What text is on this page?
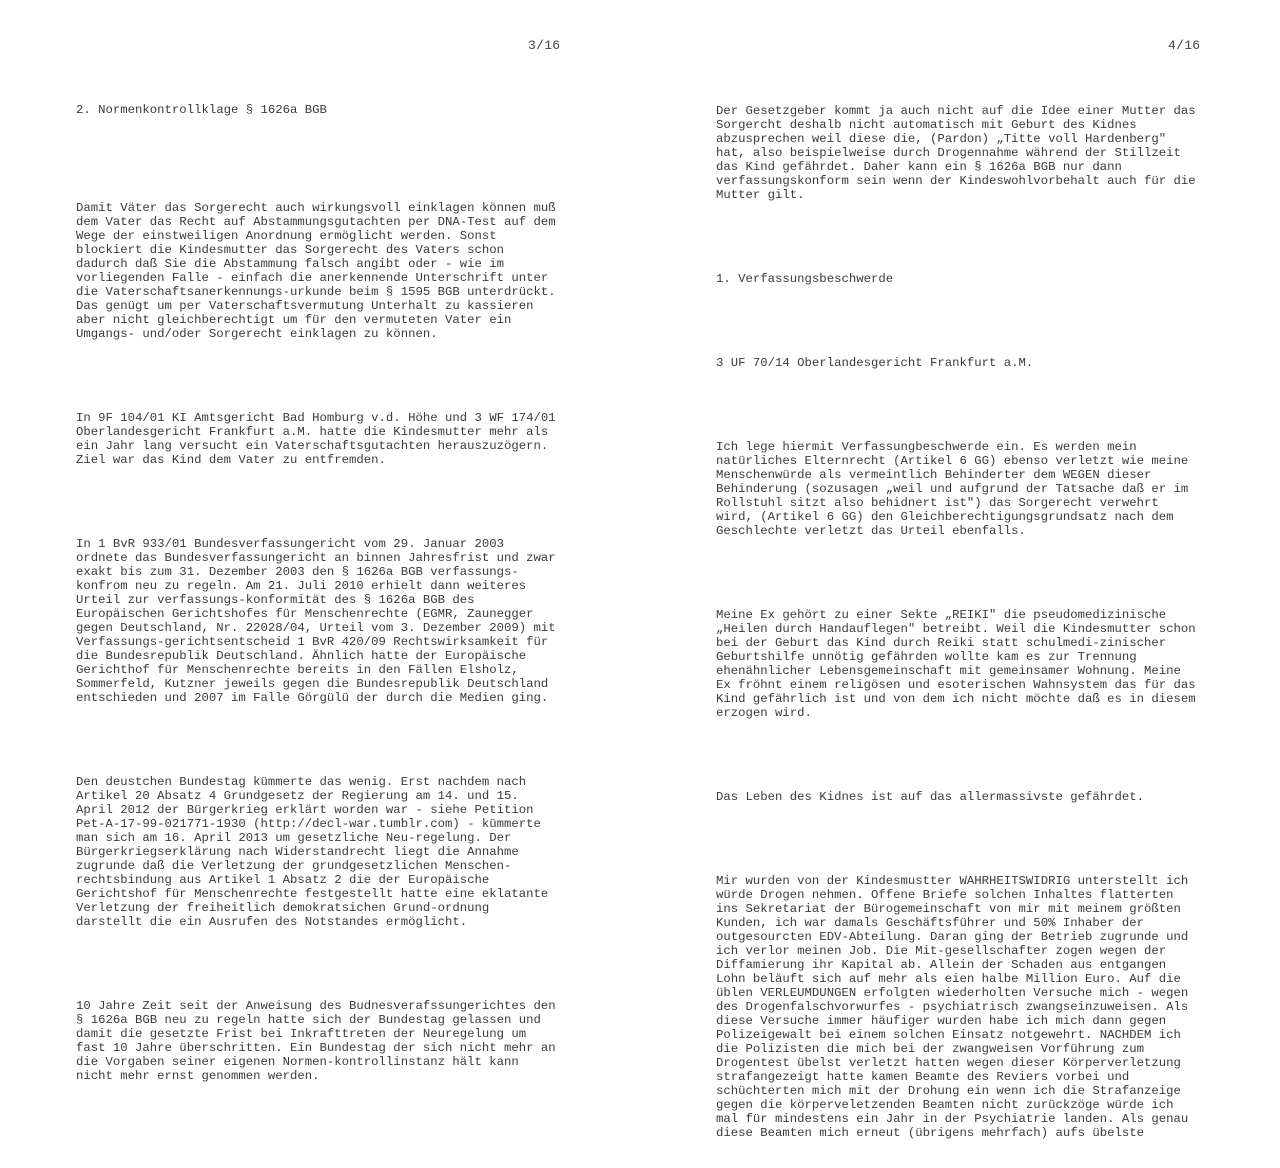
3/16

2. Normenkontrollklage § 1626a BGB

Damit Väter das Sorgerecht auch wirkungsvoll einklagen können muß
dem Vater das Recht auf Abstammungsgutachten per DNA-Test auf dem
Wege der einstweiligen Anordnung ermöglicht werden. Sonst
blockiert die Kindesmutter das Sorgerecht des Vaters schon
dadurch daß Sie die Abstammung falsch angibt oder - wie im
vorliegenden Falle - einfach die anerkennende Unterschrift unter
die Vaterschaftsanerkennungs-urkunde beim § 1595 BGB unterdrückt.
Das genügt um per Vaterschaftsvermutung Unterhalt zu kassieren
aber nicht gleichberechtigt um für den vermuteten Vater ein
Umgangs- und/oder Sorgerecht einklagen zu können.

In 9F 104/01 KI Amtsgericht Bad Homburg v.d. Höhe und 3 WF 174/01
Oberlandesgericht Frankfurt a.M. hatte die Kindesmutter mehr als
ein Jahr lang versucht ein Vaterschaftsgutachten herauszuzögern.
Ziel war das Kind dem Vater zu entfremden.

In 1 BvR 933/01 Bundesverfassungericht vom 29. Januar 2003
ordnete das Bundesverfassungericht an binnen Jahresfrist und zwar
exakt bis zum 31. Dezember 2003 den § 1626a BGB verfassungs-
konfrom neu zu regeln. Am 21. Juli 2010 erhielt dann weiteres
Urteil zur verfassungs-konformität des § 1626a BGB des
Europäischen Gerichtshofes für Menschenrechte (EGMR, Zaunegger
gegen Deutschland, Nr. 22028/04, Urteil vom 3. Dezember 2009) mit
Verfassungs-gerichtsentscheid 1 BvR 420/09 Rechtswirksamkeit für
die Bundesrepublik Deutschland. Ähnlich hatte der Europäische
Gerichthof für Menschenrechte bereits in den Fällen Elsholz,
Sommerfeld, Kutzner jeweils gegen die Bundesrepublik Deutschland
entschieden und 2007 im Falle Görgülü der durch die Medien ging.

Den deustchen Bundestag kümmerte das wenig. Erst nachdem nach
Artikel 20 Absatz 4 Grundgesetz der Regierung am 14. und 15.
April 2012 der Bürgerkrieg erklärt worden war - siehe Petition
Pet-A-17-99-021771-1930 (http://decl-war.tumblr.com) - kümmerte
man sich am 16. April 2013 um gesetzliche Neu-regelung. Der
Bürgerkriegserklärung nach Widerstandrecht liegt die Annahme
zugrunde daß die Verletzung der grundgesetzlichen Menschen-
rechtsbindung aus Artikel 1 Absatz 2 die der Europäische
Gerichtshof für Menschenrechte festgestellt hatte eine eklatante
Verletzung der freiheitlich demokratsichen Grund-ordnung
darstellt die ein Ausrufen des Notstandes ermöglicht.

10 Jahre Zeit seit der Anweisung des Budnesverafssungerichtes den
§ 1626a BGB neu zu regeln hatte sich der Bundestag gelassen und
damit die gesetzte Frist bei Inkrafttreten der Neuregelung um
fast 10 Jahre überschritten. Ein Bundestag der sich nicht mehr an
die Vorgaben seiner eigenen Normen-kontrollinstanz hält kann
nicht mehr ernst genommen werden.

4/16

Der Gesetzgeber kommt ja auch nicht auf die Idee einer Mutter das
Sorgercht deshalb nicht automatisch mit Geburt des Kidnes
abzusprechen weil diese die, (Pardon) „Titte voll Hardenberg"
hat, also beispielweise durch Drogennahme während der Stillzeit
das Kind gefährdet. Daher kann ein § 1626a BGB nur dann
verfassungskonform sein wenn der Kindeswohlvorbehalt auch für die
Mutter gilt.

1. Verfassungsbeschwerde

3 UF 70/14 Oberlandesgericht Frankfurt a.M.

Ich lege hiermit Verfassungbeschwerde ein. Es werden mein
natürliches Elternrecht (Artikel 6 GG) ebenso verletzt wie meine
Menschenwürde als vermeintlich Behinderter dem WEGEN dieser
Behinderung (sozusagen „weil und aufgrund der Tatsache daß er im
Rollstuhl sitzt also behidnert ist") das Sorgerecht verwehrt
wird, (Artikel 6 GG) den Gleichberechtigungsgrundsatz nach dem
Geschlechte verletzt das Urteil ebenfalls.

Meine Ex gehört zu einer Sekte „REIKI" die pseudomedizinische
„Heilen durch Handauflegen" betreibt. Weil die Kindesmutter schon
bei der Geburt das Kind durch Reiki statt schulmedi-zinischer
Geburtshilfe unnötig gefährden wollte kam es zur Trennung
ehenähnlicher Lebensgemeinschaft mit gemeinsamer Wohnung. Meine
Ex fröhnt einem religösen und esoterischen Wahnsystem das für das
Kind gefährlich ist und von dem ich nicht möchte daß es in diesem
erzogen wird.

Das Leben des Kidnes ist auf das allermassivste gefährdet.

Mir wurden von der Kindesmustter WAHRHEITSWIDRIG unterstellt ich
würde Drogen nehmen. Offene Briefe solchen Inhaltes flatterten
ins Sekretariat der Bürogemeinschaft von mir mit meinem größten
Kunden, ich war damals Geschäftsführer und 50% Inhaber der
outgesourcten EDV-Abteilung. Daran ging der Betrieb zugrunde und
ich verlor meinen Job. Die Mit-gesellschafter zogen wegen der
Diffamierung ihr Kapital ab. Allein der Schaden aus entgangen
Lohn beläuft sich auf mehr als eien halbe Million Euro. Auf die
üblen VERLEUMDUNGEN erfolgten wiederholten Versuche mich - wegen
des Drogenfalschvorwurfes - psychiatrisch zwangseinzuweisen. Als
diese Versuche immer häufiger wurden habe ich mich dann gegen
Polizeigewalt bei einem solchen Einsatz notgewehrt. NACHDEM ich
die Polizisten die mich bei der zwangweisen Vorführung zum
Drogentest übelst verletzt hatten wegen dieser Körperverletzung
strafangezeigt hatte kamen Beamte des Reviers vorbei und
schüchterten mich mit der Drohung ein wenn ich die Strafanzeige
gegen die körperveletzenden Beamten nicht zurückzöge würde ich
mal für mindestens ein Jahr in der Psychiatrie landen. Als genau
diese Beamten mich erneut (übrigens mehrfach) aufs übelste
